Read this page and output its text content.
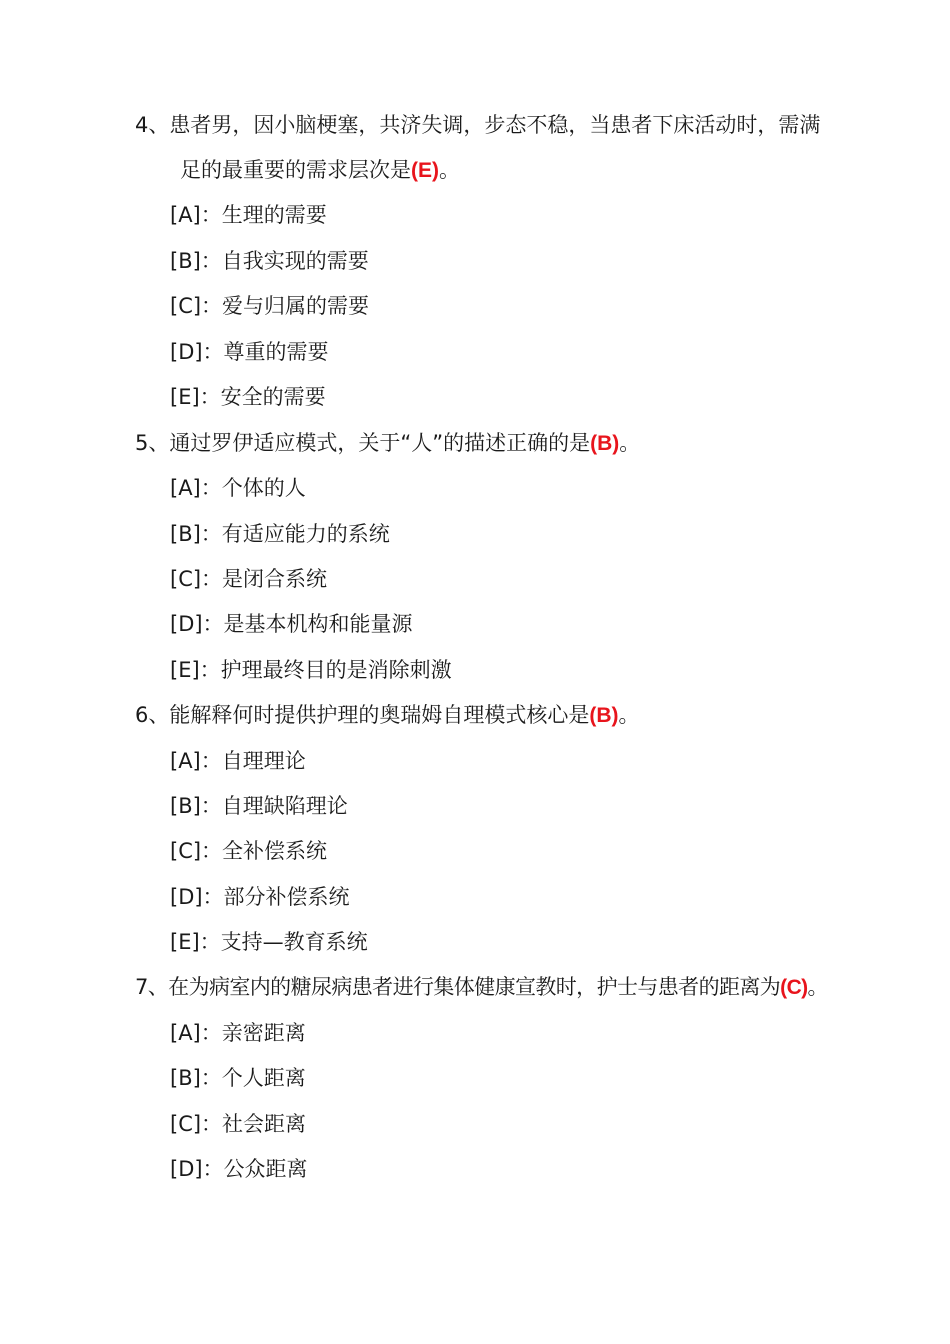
4、患者男，因小脑梗塞，共济失调，步态不稳，当患者下床活动时，需满
足的最重要的需求层次是(E)。
[A]：生理的需要
[B]：自我实现的需要
[C]：爱与归属的需要
[D]：尊重的需要
[E]：安全的需要
5、通过罗伊适应模式，关于“人”的描述正确的是(B)。
[A]：个体的人
[B]：有适应能力的系统
[C]：是闭合系统
[D]：是基本机构和能量源
[E]：护理最终目的是消除刺激
6、能解释何时提供护理的奥瑞姆自理模式核心是(B)。
[A]：自理理论
[B]：自理缺陷理论
[C]：全补偿系统
[D]：部分补偿系统
[E]：支持—教育系统
7、在为病室内的糖尿病患者进行集体健康宣教时，护士与患者的距离为(C)。
[A]：亲密距离
[B]：个人距离
[C]：社会距离
[D]：公众距离
